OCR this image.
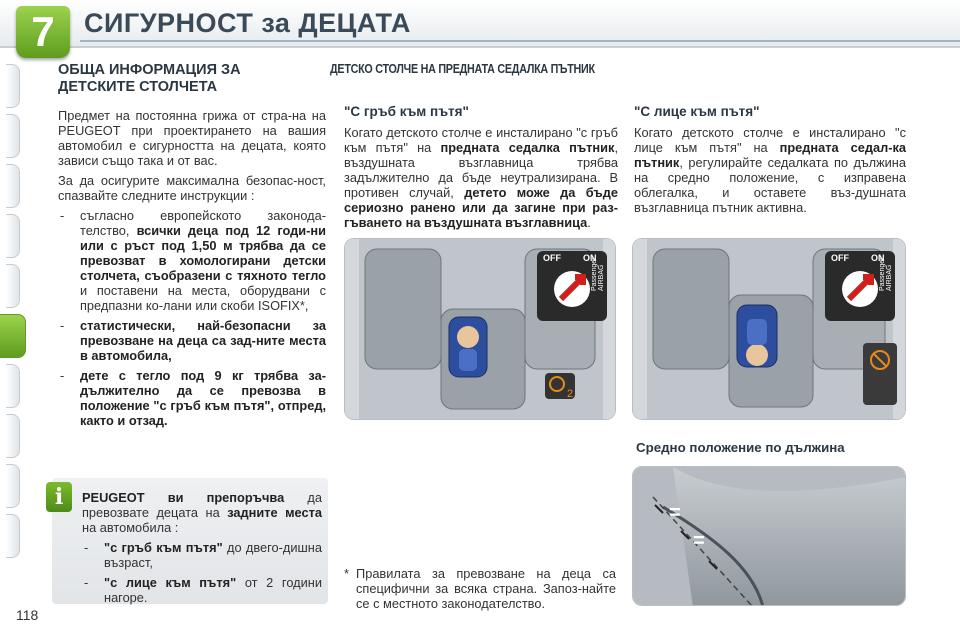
7	СИГУРНОСТ за ДЕЦАТА
118
ОБЩА ИНФОРМАЦИЯ ЗА
ДЕТСКИТЕ СТОЛЧЕТА

Предмет на постоянна грижа от стра-на на PEUGEOT при проектирането на вашия автомобил е сигурността на децата, която зависи също така и от вас.

За да осигурите максимална безопас-ност, спазвайте следните инструкции :

- съгласно европейското законода-телство, всички деца под 12 годи-ни или с ръст под 1,50 м трябва да се превозват в хомологирани детски столчета, съобразени с тяхното тегло и поставени на места, оборудвани с предпазни ко-лани или скоби ISOFIX*,
- статистически, най-безопасни за превозване на деца са зад-ните места в автомобила,
- дете с тегло под 9 кг трябва за-дължително да се превозва в положение "с гръб към пътя", отпред, както и отзад.
i	PEUGEOT ви препоръчва да превозвате децата на задните места на автомобила :

- "с гръб към пътя" до двего-дишна възраст,
- "с лице към пътя" от 2 години нагоре.
ДЕТСКО СТОЛЧЕ НА ПРЕДНАТА СЕДАЛКА ПЪТНИК
"С гръб към пътя"

Когато детското столче е инсталирано "с гръб към пътя" на предната седалка пътник, въздушната възглавница трябва задължително да бъде неутрализирана. В противен случай, детето може да бъде сериозно ранено или да загине при раз-гъването на въздушната възглавница.

"С лице към пътя"

Когато детското столче е инсталирано "с лице към пътя" на предната седал-ка пътник, регулирайте седалката по дължина на средно положение, с изправена облегалка, и оставете въз-душната възглавница пътник активна.

2
OFF ON
Passenger AIRBAG
OFF ON
Passenger AIRBAG
Средно положение по дължина
=
=
* Правилата за превозване на деца са специфични за всяка страна. Запоз-найте се с местното законодателство.
